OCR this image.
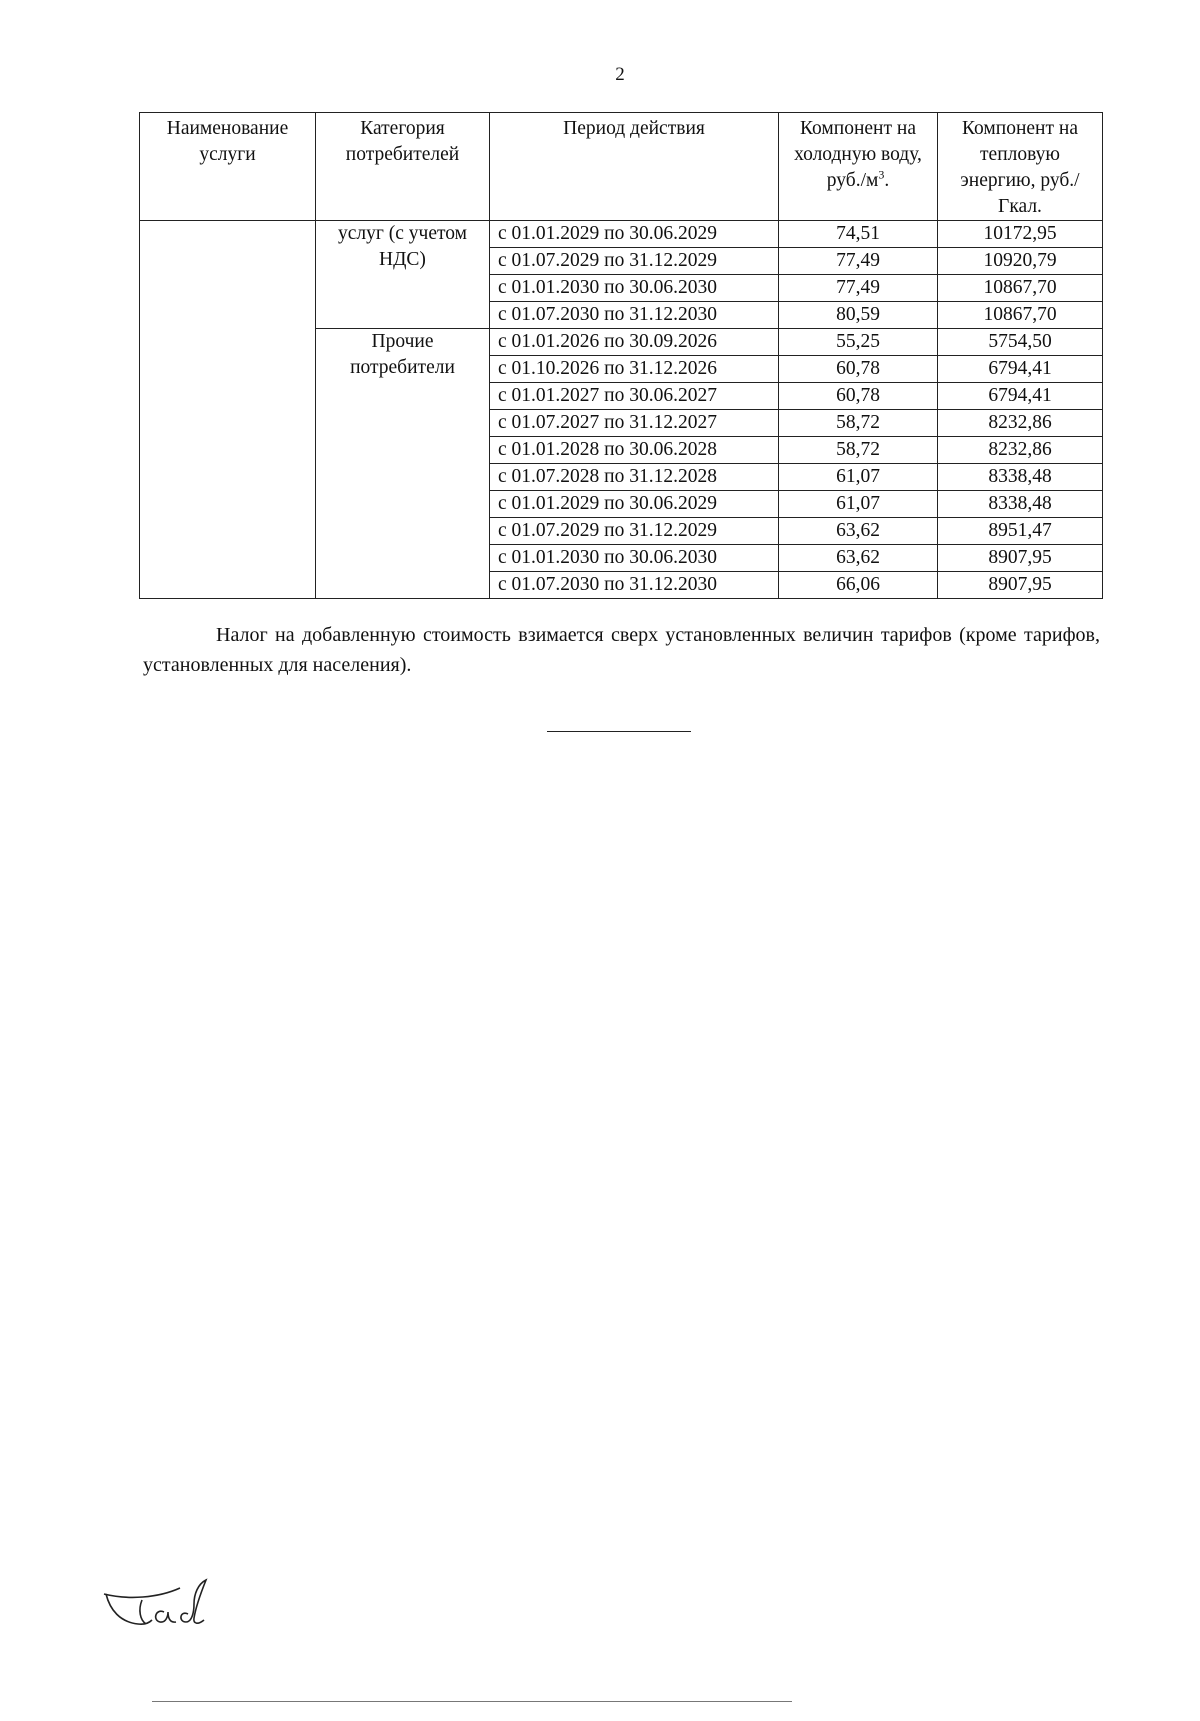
2
Наименование услуги	Категория потребителей	Период действия	Компонент на холодную воду, $руб./м^3$.	Компонент на тепловую энергию, руб./Гкал.
	услуг (с учетом НДС)	с 01.01.2029 по 30.06.2029	74,51	10172,95
		с 01.07.2029 по 31.12.2029	77,49	10920,79
		с 01.01.2030 по 30.06.2030	77,49	10867,70
		с 01.07.2030 по 31.12.2030	80,59	10867,70
	Прочие потребители	с 01.01.2026 по 30.09.2026	55,25	5754,50
		с 01.10.2026 по 31.12.2026	60,78	6794,41
		с 01.01.2027 по 30.06.2027	60,78	6794,41
		с 01.07.2027 по 31.12.2027	58,72	8232,86
		с 01.01.2028 по 30.06.2028	58,72	8232,86
		с 01.07.2028 по 31.12.2028	61,07	8338,48
		с 01.01.2029 по 30.06.2029	61,07	8338,48
		с 01.07.2029 по 31.12.2029	63,62	8951,47
		с 01.01.2030 по 30.06.2030	63,62	8907,95
		с 01.07.2030 по 31.12.2030	66,06	8907,95

Налог на добавленную стоимость взимается сверх установленных величин тарифов (кроме тарифов, установленных для населения).
